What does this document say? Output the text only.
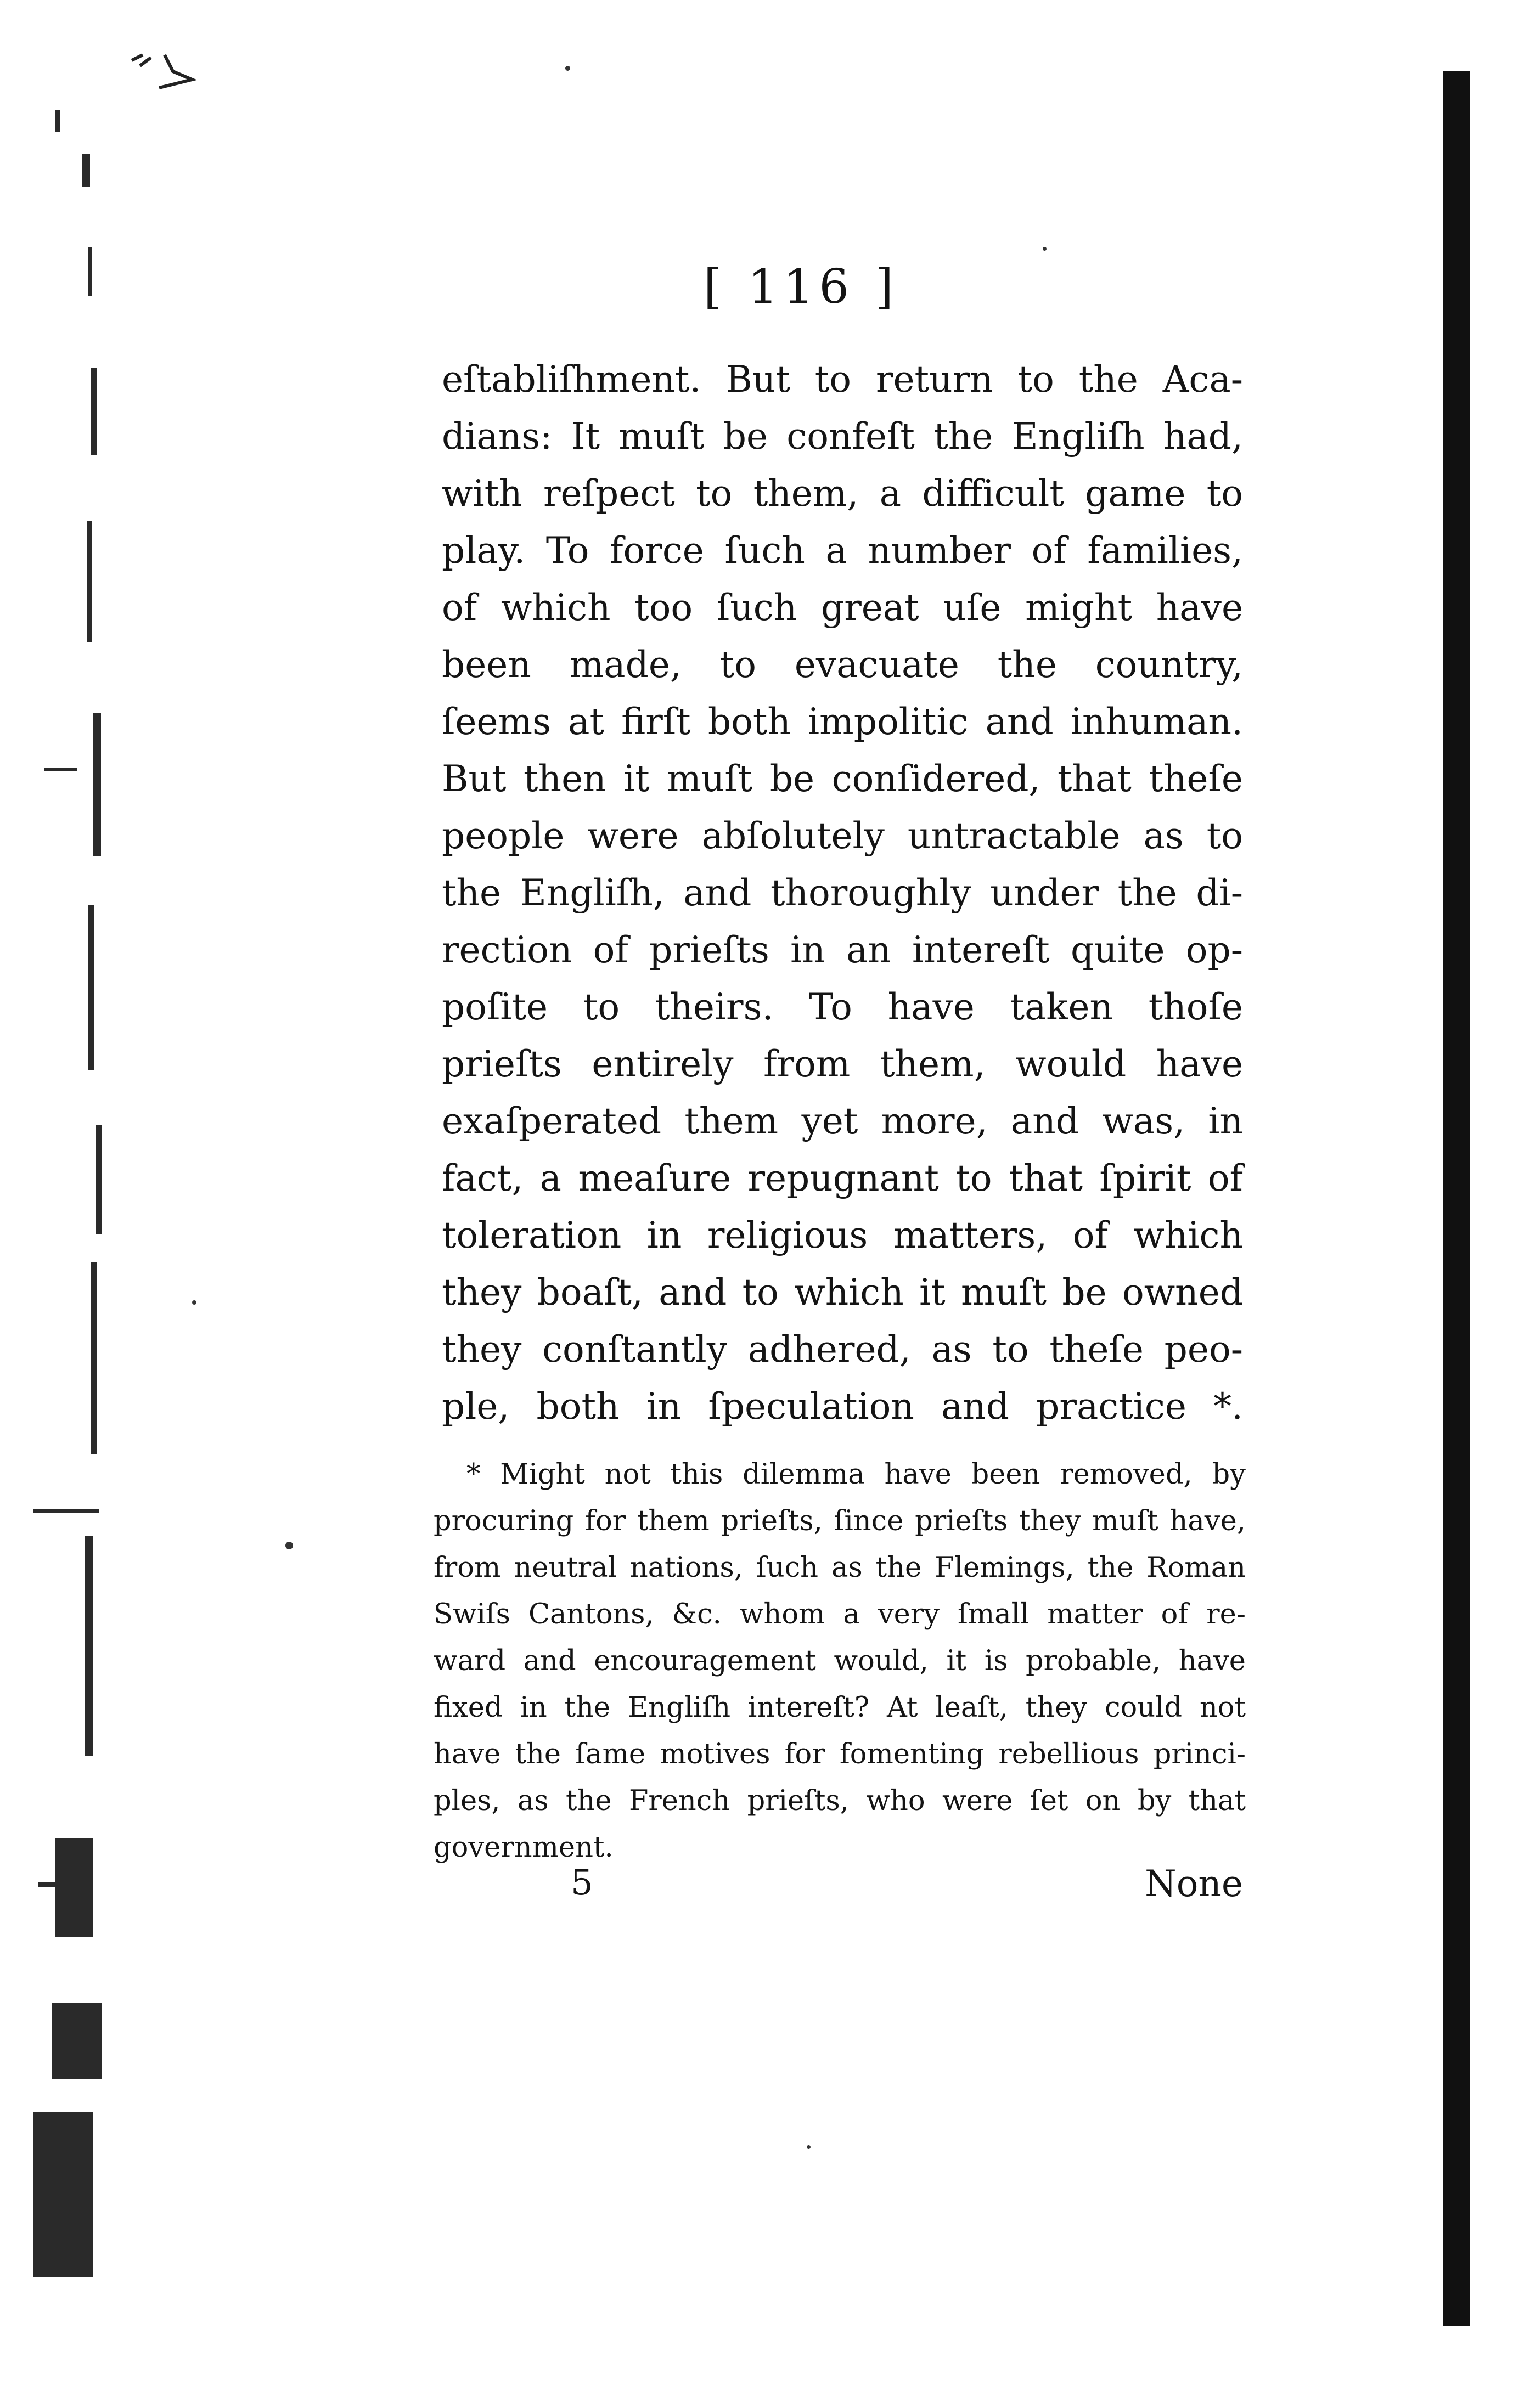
[ 116 ]
eſtabliſhment. But to return to the Aca-
dians: It muſt be confeſt the Engliſh had,
with reſpect to them, a difficult game to
play. To force ſuch a number of families,
of which too ſuch great uſe might have
been made, to evacuate the country,
ſeems at firſt both impolitic and inhuman.
But then it muſt be conſidered, that theſe
people were abſolutely untractable as to
the Engliſh, and thoroughly under the di-
rection of prieſts in an intereſt quite op-
poſite to theirs. To have taken thoſe
prieſts entirely from them, would have
exaſperated them yet more, and was, in
fact, a meaſure repugnant to that ſpirit of
toleration in religious matters, of which
they boaſt, and to which it muſt be owned
they conſtantly adhered, as to theſe peo-
ple, both in ſpeculation and practice *.
* Might not this dilemma have been removed, by
procuring for them prieſts, ſince prieſts they muſt have,
from neutral nations, ſuch as the Flemings, the Roman
Swiſs Cantons, &c. whom a very ſmall matter of re-
ward and encouragement would, it is probable, have
fixed in the Engliſh intereſt? At leaſt, they could not
have the ſame motives for fomenting rebellious princi-
ples, as the French prieſts, who were ſet on by that
government.
5	None
